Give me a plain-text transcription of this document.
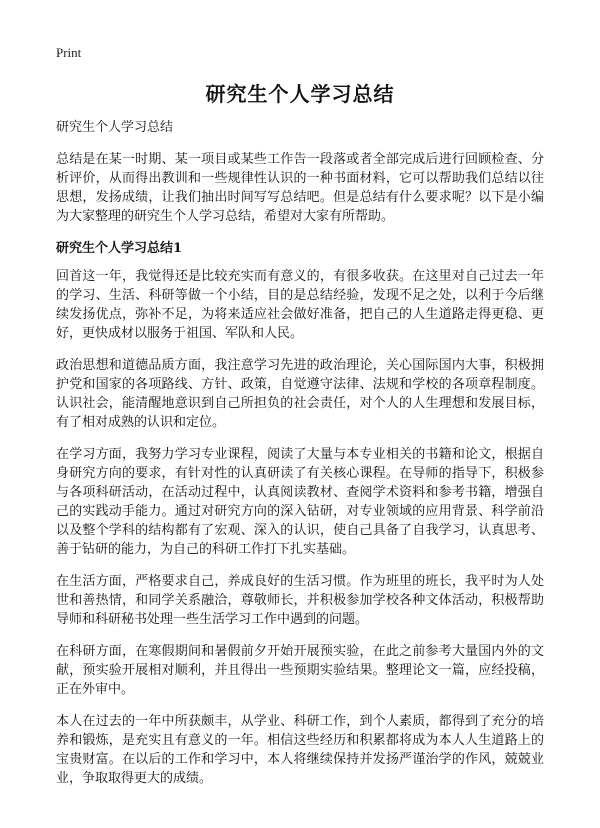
Print
研究生个人学习总结
研究生个人学习总结

总结是在某一时期、某一项目或某些工作告一段落或者全部完成后进行回顾检查、分析评价，从而得出教训和一些规律性认识的一种书面材料，它可以帮助我们总结以往思想，发扬成绩，让我们抽出时间写写总结吧。但是总结有什么要求呢？以下是小编为大家整理的研究生个人学习总结，希望对大家有所帮助。

研究生个人学习总结1

回首这一年，我觉得还是比较充实而有意义的，有很多收获。在这里对自己过去一年的学习、生活、科研等做一个小结，目的是总结经验，发现不足之处，以利于今后继续发扬优点，弥补不足，为将来适应社会做好准备，把自己的人生道路走得更稳、更好，更快成材以服务于祖国、军队和人民。

政治思想和道德品质方面，我注意学习先进的政治理论，关心国际国内大事，积极拥护党和国家的各项路线、方针、政策，自觉遵守法律、法规和学校的各项章程制度。认识社会，能清醒地意识到自己所担负的社会责任，对个人的人生理想和发展目标，有了相对成熟的认识和定位。

在学习方面，我努力学习专业课程，阅读了大量与本专业相关的书籍和论文，根据自身研究方向的要求，有针对性的认真研读了有关核心课程。在导师的指导下，积极参与各项科研活动，在活动过程中，认真阅读教材、查阅学术资料和参考书籍，增强自己的实践动手能力。通过对研究方向的深入钻研，对专业领域的应用背景、科学前沿以及整个学科的结构都有了宏观、深入的认识，使自己具备了自我学习，认真思考、善于钻研的能力，为自己的科研工作打下扎实基础。

在生活方面，严格要求自己，养成良好的生活习惯。作为班里的班长，我平时为人处世和善热情，和同学关系融洽，尊敬师长，并积极参加学校各种文体活动，积极帮助导师和科研秘书处理一些生活学习工作中遇到的问题。

在科研方面，在寒假期间和暑假前夕开始开展预实验，在此之前参考大量国内外的文献，预实验开展相对顺利，并且得出一些预期实验结果。整理论文一篇，应经投稿，正在外审中。

本人在过去的一年中所获颇丰，从学业、科研工作，到个人素质，都得到了充分的培养和锻炼，是充实且有意义的一年。相信这些经历和积累都将成为本人人生道路上的宝贵财富。在以后的工作和学习中，本人将继续保持并发扬严谨治学的作风，兢兢业业，争取取得更大的成绩。
